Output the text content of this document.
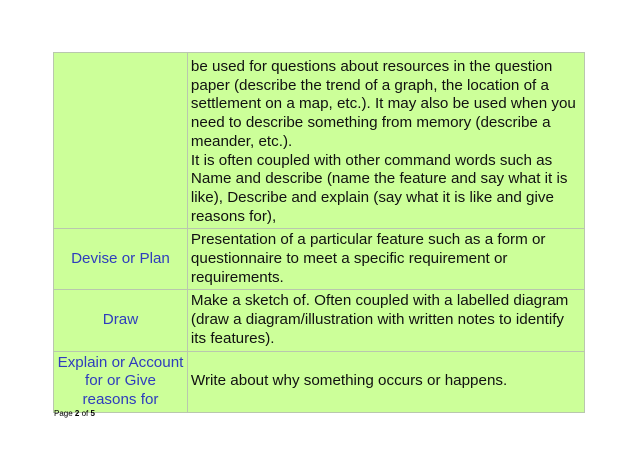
	be used for questions about resources in the question paper (describe the trend of a graph, the location of a settlement on a map, etc.). It may also be used when you need to describe something from memory (describe a meander, etc.).
It is often coupled with other command words such as Name and describe (name the feature and say what it is like), Describe and explain (say what it is like and give reasons for),

Devise or Plan	Presentation of a particular feature such as a form or questionnaire to meet a specific requirement or requirements.

Draw	Make a sketch of. Often coupled with a labelled diagram (draw a diagram/illustration with written notes to identify its features).

Explain or Account for or Give reasons for	Write about why something occurs or happens.
Page 2 of 5
